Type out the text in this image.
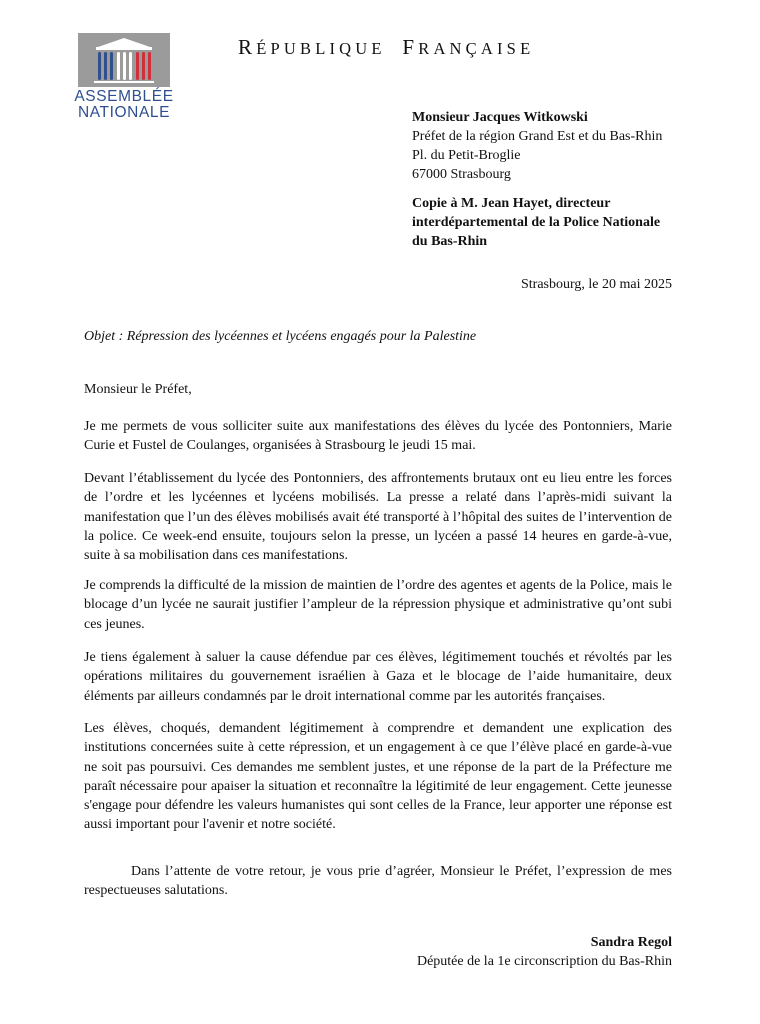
ASSEMBLÉE
NATIONALE
RÉPUBLIQUE FRANÇAISE
Monsieur Jacques Witkowski
Préfet de la région Grand Est et du Bas-Rhin
Pl. du Petit-Broglie
67000 Strasbourg
Copie à M. Jean Hayet, directeur
interdépartemental de la Police Nationale
du Bas-Rhin
Strasbourg, le 20 mai 2025
Objet : Répression des lycéennes et lycéens engagés pour la Palestine
Monsieur le Préfet,

Je me permets de vous solliciter suite aux manifestations des élèves du lycée des Pontonniers, Marie Curie et Fustel de Coulanges, organisées à Strasbourg le jeudi 15 mai.

Devant l’établissement du lycée des Pontonniers, des affrontements brutaux ont eu lieu entre les forces de l’ordre et les lycéennes et lycéens mobilisés. La presse a relaté dans l’après-midi suivant la manifestation que l’un des élèves mobilisés avait été transporté à l’hôpital des suites de l’intervention de la police. Ce week-end ensuite, toujours selon la presse, un lycéen a passé 14 heures en garde-à-vue, suite à sa mobilisation dans ces manifestations.

Je comprends la difficulté de la mission de maintien de l’ordre des agentes et agents de la Police, mais le blocage d’un lycée ne saurait justifier l’ampleur de la répression physique et administrative qu’ont subi ces jeunes.

Je tiens également à saluer la cause défendue par ces élèves, légitimement touchés et révoltés par les opérations militaires du gouvernement israélien à Gaza et le blocage de l’aide humanitaire, deux éléments par ailleurs condamnés par le droit international comme par les autorités françaises.

Les élèves, choqués, demandent légitimement à comprendre et demandent une explication des institutions concernées suite à cette répression, et un engagement à ce que l’élève placé en garde-à-vue ne soit pas poursuivi. Ces demandes me semblent justes, et une réponse de la part de la Préfecture me paraît nécessaire pour apaiser la situation et reconnaître la légitimité de leur engagement. Cette jeunesse s'engage pour défendre les valeurs humanistes qui sont celles de la France, leur apporter une réponse est aussi important pour l'avenir et notre société.

Dans l’attente de votre retour, je vous prie d’agréer, Monsieur le Préfet, l’expression de mes respectueuses salutations.

Sandra Regol
Députée de la 1e circonscription du Bas-Rhin
